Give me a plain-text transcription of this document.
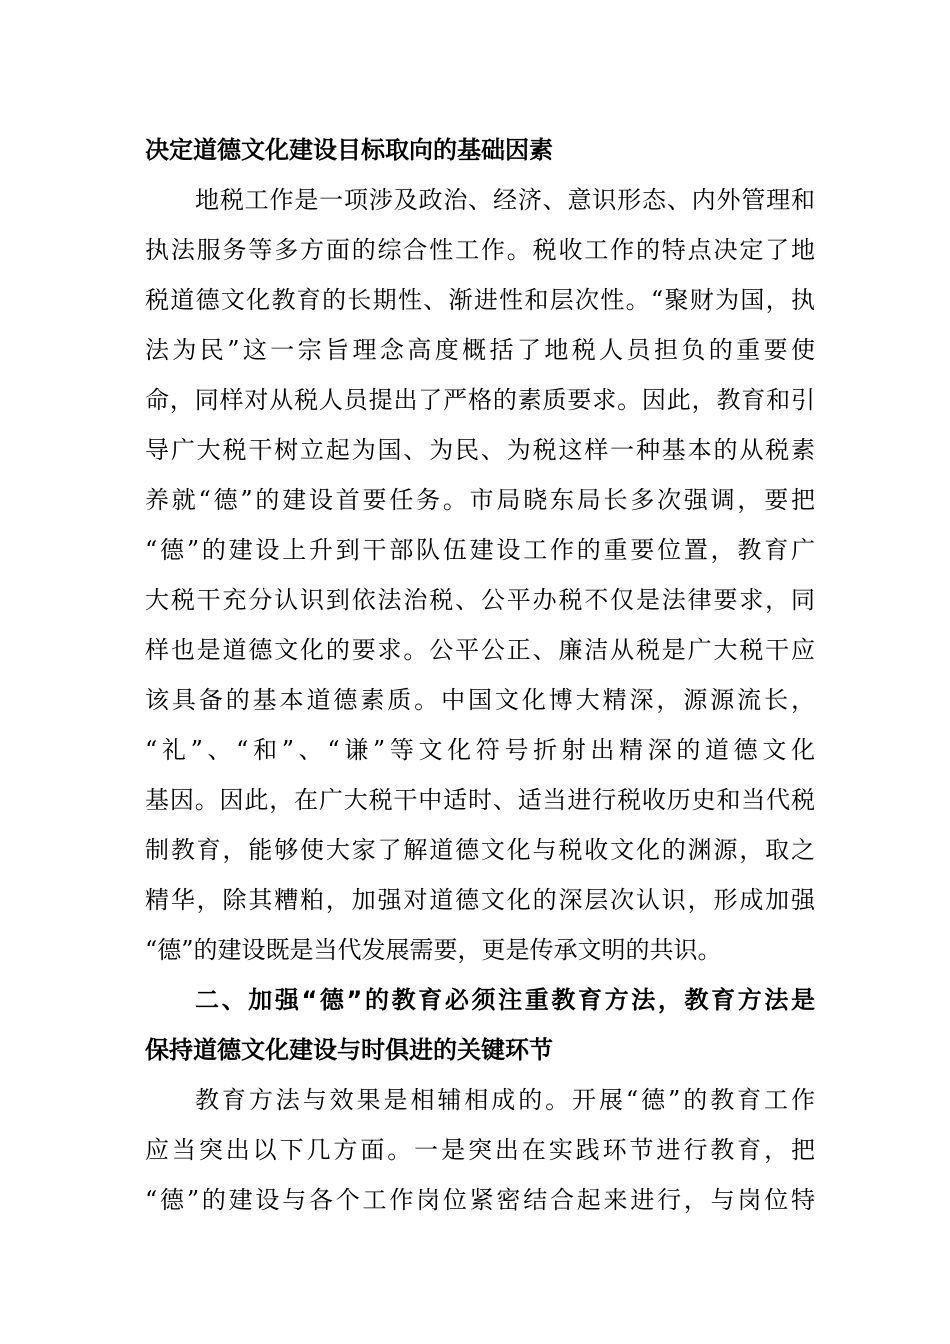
决定道德文化建设目标取向的基础因素
地税工作是一项涉及政治、经济、意识形态、内外管理和
执法服务等多方面的综合性工作。税收工作的特点决定了地
税道德文化教育的长期性、渐进性和层次性。“聚财为国，执
法为民”这一宗旨理念高度概括了地税人员担负的重要使
命，同样对从税人员提出了严格的素质要求。因此，教育和引
导广大税干树立起为国、为民、为税这样一种基本的从税素
养就“德”的建设首要任务。市局晓东局长多次强调，要把
“德”的建设上升到干部队伍建设工作的重要位置，教育广
大税干充分认识到依法治税、公平办税不仅是法律要求，同
样也是道德文化的要求。公平公正、廉洁从税是广大税干应
该具备的基本道德素质。中国文化博大精深，源源流长，
“礼”、“和”、“谦”等文化符号折射出精深的道德文化
基因。因此，在广大税干中适时、适当进行税收历史和当代税
制教育，能够使大家了解道德文化与税收文化的渊源，取之
精华，除其糟粕，加强对道德文化的深层次认识，形成加强
“德”的建设既是当代发展需要，更是传承文明的共识。
二、加强“德”的教育必须注重教育方法，教育方法是
保持道德文化建设与时俱进的关键环节
教育方法与效果是相辅相成的。开展“德”的教育工作
应当突出以下几方面。一是突出在实践环节进行教育，把
“德”的建设与各个工作岗位紧密结合起来进行，与岗位特
